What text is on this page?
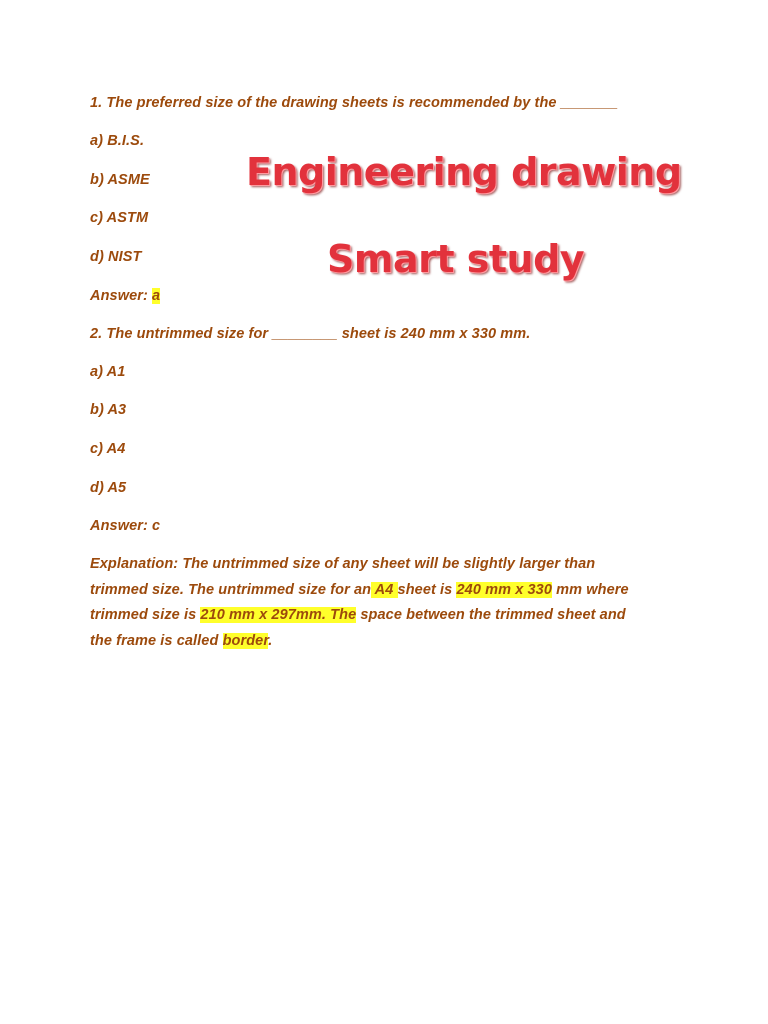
Engineering drawing
Smart study
1. The preferred size of the drawing sheets is recommended by the _______
a) B.I.S.
b) ASME
c) ASTM
d) NIST
Answer: a
2. The untrimmed size for ________ sheet is 240 mm x 330 mm.
a) A1
b) A3
c) A4
d) A5
Answer: c
Explanation: The untrimmed size of any sheet will be slightly larger than
trimmed size. The untrimmed size for an A4 sheet is 240 mm x 330 mm where
trimmed size is 210 mm x 297mm. The space between the trimmed sheet and
the frame is called border.
